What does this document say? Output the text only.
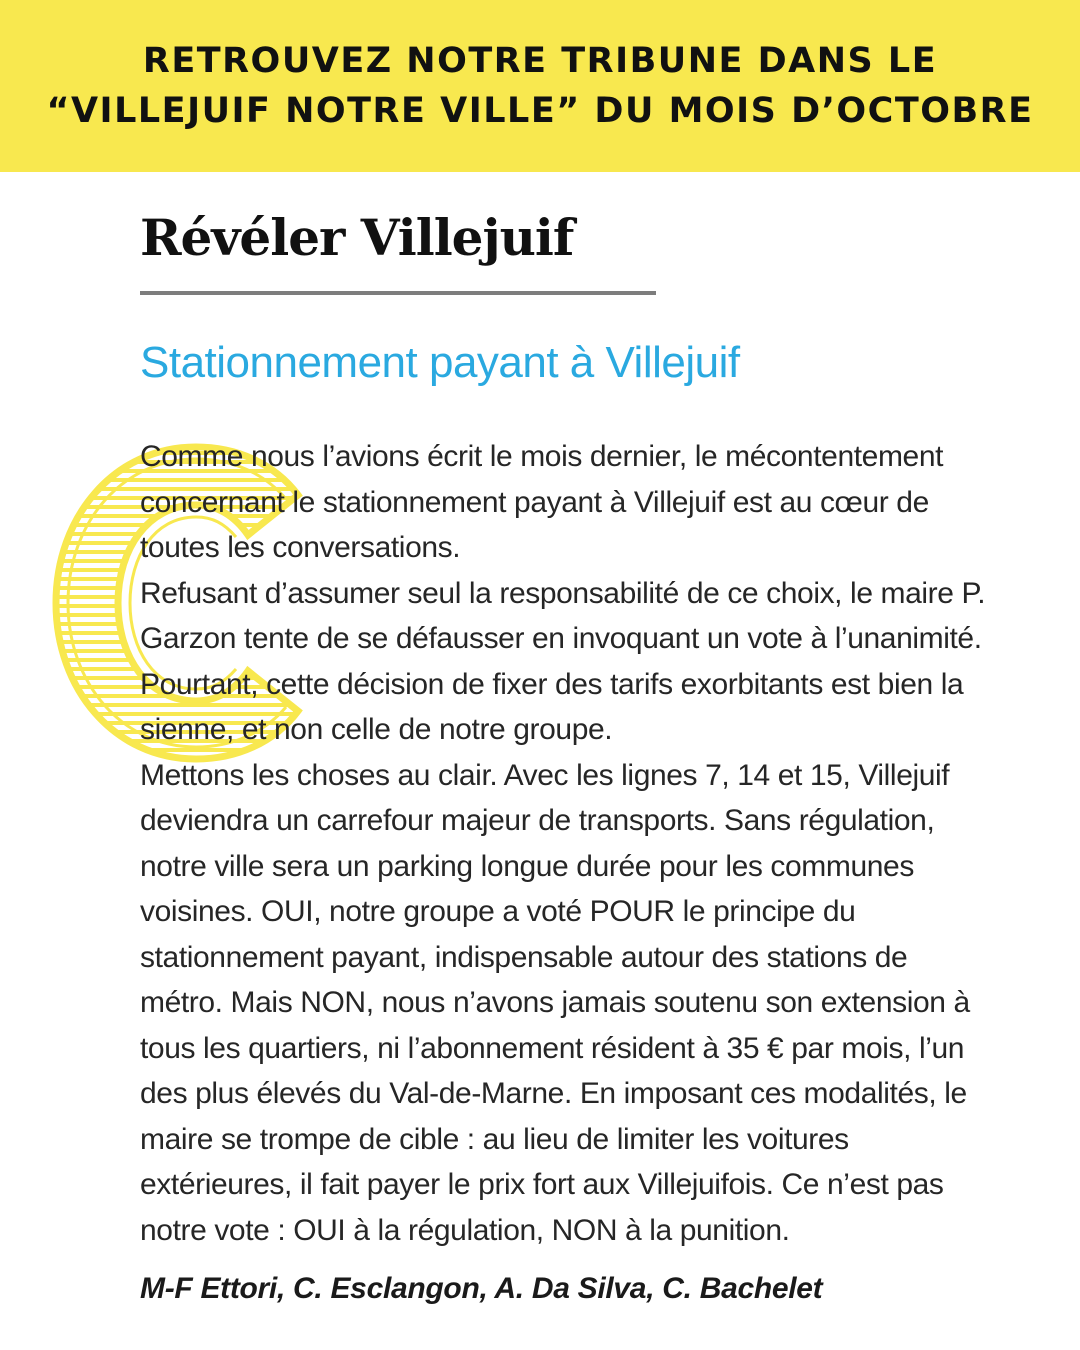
RETROUVEZ NOTRE TRIBUNE DANS LE
“VILLEJUIF NOTRE VILLE” DU MOIS D’OCTOBRE
Révéler Villejuif
Stationnement payant à Villejuif
Comme nous l’avions écrit le mois dernier, le mécontentement
concernant le stationnement payant à Villejuif est au cœur de
toutes les conversations.
Refusant d’assumer seul la responsabilité de ce choix, le maire P.
Garzon tente de se défausser en invoquant un vote à l’unanimité.
Pourtant, cette décision de fixer des tarifs exorbitants est bien la
sienne, et non celle de notre groupe.
Mettons les choses au clair. Avec les lignes 7, 14 et 15, Villejuif
deviendra un carrefour majeur de transports. Sans régulation,
notre ville sera un parking longue durée pour les communes
voisines. OUI, notre groupe a voté POUR le principe du
stationnement payant, indispensable autour des stations de
métro. Mais NON, nous n’avons jamais soutenu son extension à
tous les quartiers, ni l’abonnement résident à 35 € par mois, l’un
des plus élevés du Val-de-Marne. En imposant ces modalités, le
maire se trompe de cible : au lieu de limiter les voitures
extérieures, il fait payer le prix fort aux Villejuifois. Ce n’est pas
notre vote : OUI à la régulation, NON à la punition.
M-F Ettori, C. Esclangon, A. Da Silva, C. Bachelet
